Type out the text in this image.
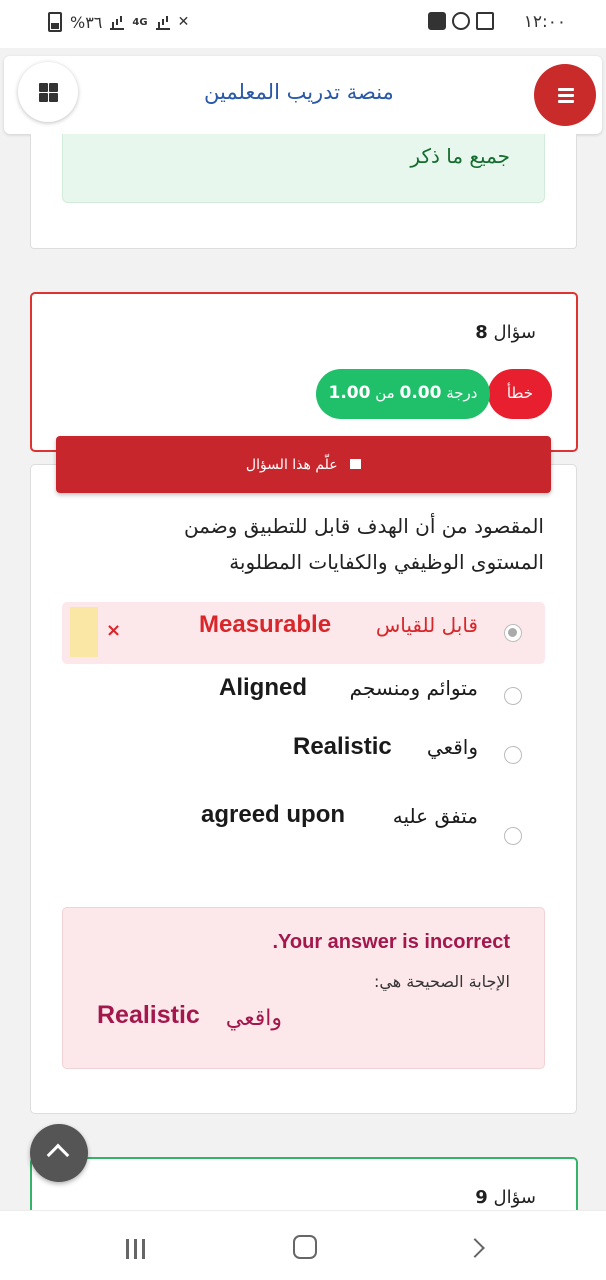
١٢:٠٠
%٣٦	4G ✕
منصة تدريب المعلمين
جميع ما ذكر
سؤال 8
خطأ
درجة 0.00 من 1.00
علّم هذا السؤال
المقصود من أن الهدف قابل للتطبيق وضمن المستوى الوظيفي والكفايات المطلوبة
×	قابل للقياس
Measurable
متوائم ومنسجم
Aligned
واقعي
Realistic
متفق عليه
agreed upon
.Your answer is incorrect
الإجابة الصحيحة هي:
واقعي
Realistic
سؤال 9
